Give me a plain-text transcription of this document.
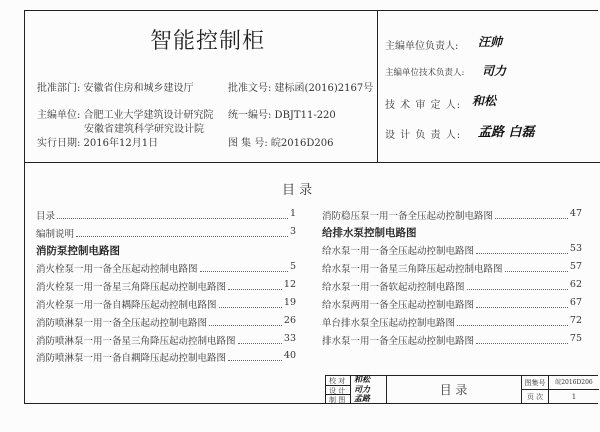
智能控制柜
批准部门: 安徽省住房和城乡建设厅	批准文号: 建标函(2016)2167号
主编单位: 合肥工业大学建筑设计研究院
安徽省建筑科学研究设计院
统一编号: DBJT11-220
实行日期: 2016年12月1日	图 集 号: 皖2016D206
主编单位负责人: 汪帅
主编单位技术负责人: 司力
技 术 审 定 人: 和松
设 计 负 责 人: 孟路 白磊
目 录
目录	1
编制说明	3
消防泵控制电路图
消火栓泵一用一备全压起动控制电路图	5
消火栓泵一用一备星三角降压起动控制电路图	12
消火栓泵一用一备自耦降压起动控制电路图	19
消防喷淋泵一用一备全压起动控制电路图	26
消防喷淋泵一用一备星三角降压起动控制电路图	33
消防喷淋泵一用一备自耦降压起动控制电路图	40
消防稳压泵一用一备全压起动控制电路图	47
给排水泵控制电路图
给水泵一用一备全压起动控制电路图	53
给水泵一用一备星三角降压起动控制电路图	57
给水泵一用一备软起动控制电路图	62
给水泵两用一备全压起动控制电路图	67
单台排水泵全压起动控制电路图	72
排水泵一用一备全压起动控制电路图	75
校 对	和松
设 计	司力
制 图	孟路
目 录	图集号	皖2016D206
页 次	1
